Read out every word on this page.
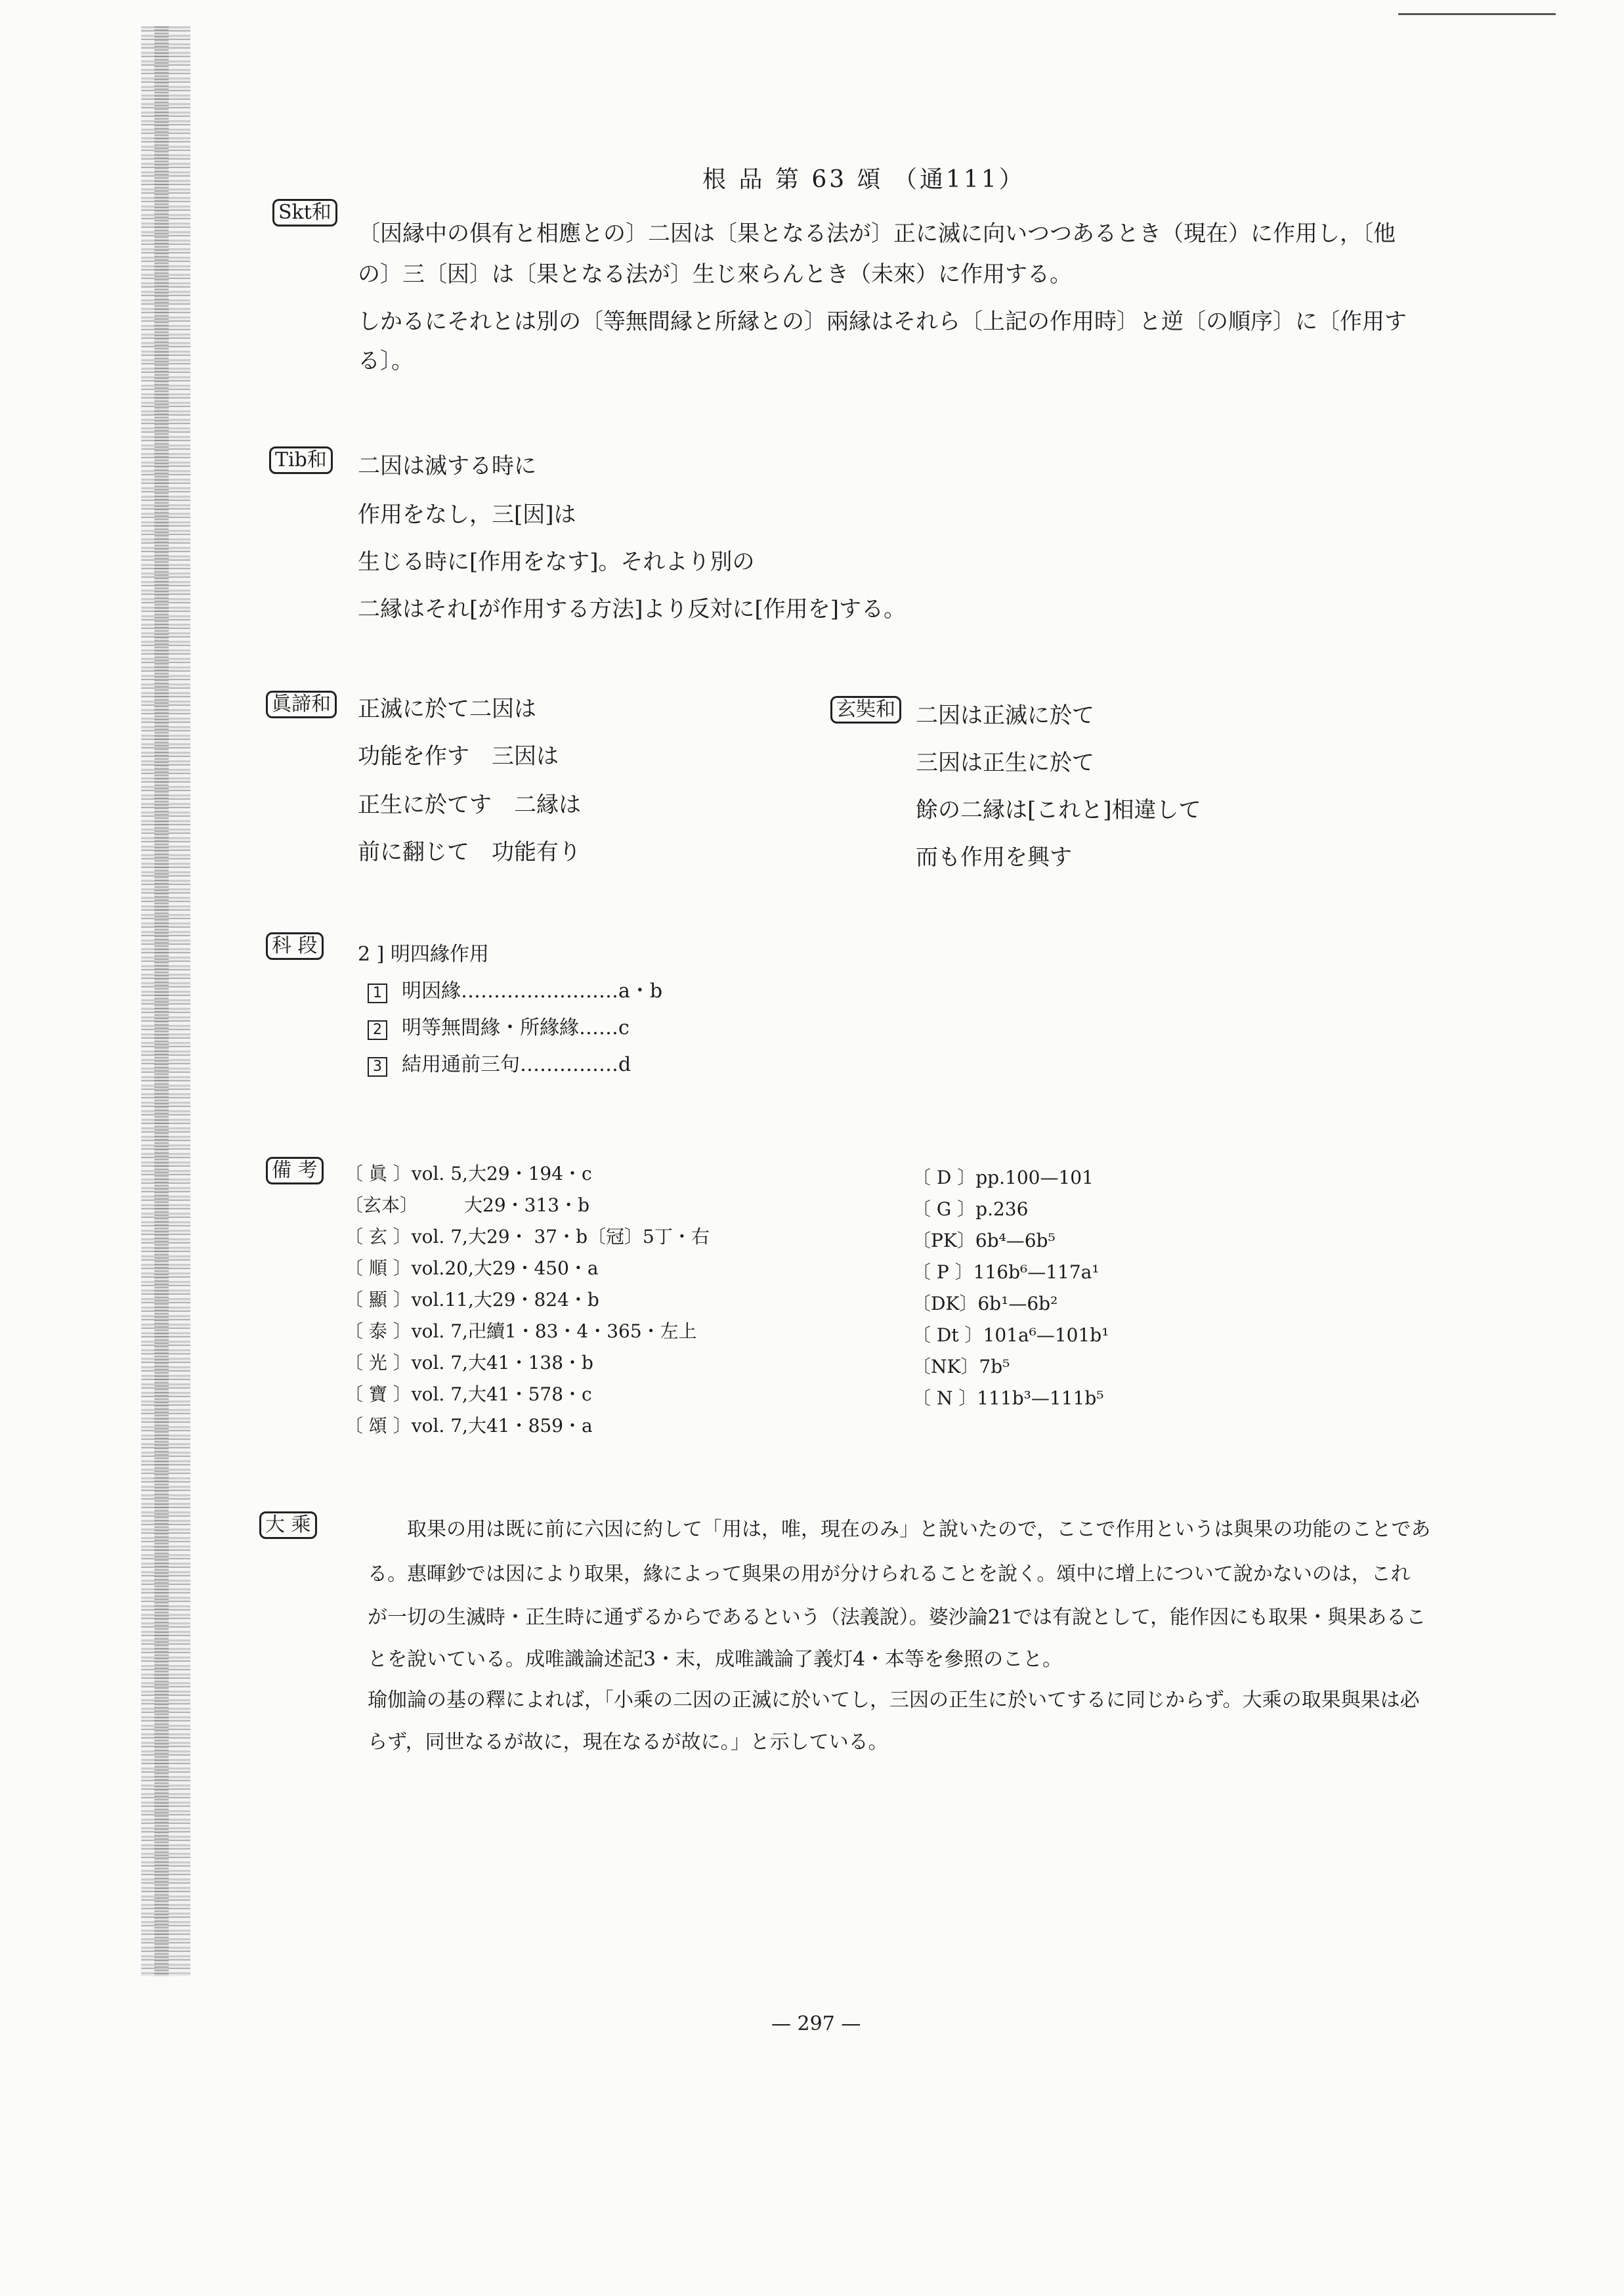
根 品 第 63 頌 （通111）
Skt和
〔因縁中の俱有と相應との〕二因は〔果となる法が〕正に滅に向いつつあるとき（現在）に作用し，〔他
の〕三〔因〕は〔果となる法が〕生じ來らんとき（未來）に作用する。
しかるにそれとは別の〔等無間縁と所縁との〕兩縁はそれら〔上記の作用時〕と逆〔の順序〕に〔作用す
る〕。
Tib和 二因は滅する時に
作用をなし，三[因]は
生じる時に[作用をなす]。それより別の
二縁はそれ[が作用する方法]より反対に[作用を]する。
眞諦和 正滅に於て二因は
功能を作す　三因は
正生に於てす　二縁は
前に翻じて　功能有り
玄奘和 二因は正滅に於て
三因は正生に於て
餘の二縁は[これと]相違して
而も作用を興す
科 段	2 ] 明四緣作用
1 明因緣……………………a・b
2 明等無間緣・所緣緣……c
3 結用通前三句……………d
備 考	〔 眞 〕vol. 5,大29・194・c
〔玄本〕　　　大29・313・b
〔 玄 〕vol. 7,大29・ 37・b〔冠〕5丁・右
〔 順 〕vol.20,大29・450・a
〔 顯 〕vol.11,大29・824・b
〔 泰 〕vol. 7,卍續1・83・4・365・左上
〔 光 〕vol. 7,大41・138・b
〔 寶 〕vol. 7,大41・578・c
〔 頌 〕vol. 7,大41・859・a
〔 D 〕pp.100—101
〔 G 〕p.236
〔PK〕6b⁴—6b⁵
〔 P 〕116b⁶—117a¹
〔DK〕6b¹—6b²
〔 Dt 〕101a⁶—101b¹
〔NK〕7b⁵
〔 N 〕111b³—111b⁵
大 乘	取果の用は既に前に六因に約して「用は，唯，現在のみ」と說いたので，ここで作用というは與果の功能のことであ
る。惠暉鈔では因により取果，緣によって與果の用が分けられることを說く。頌中に增上について說かないのは，これ
が一切の生滅時・正生時に通ずるからであるという（法義說）。婆沙論21では有說として，能作因にも取果・與果あるこ
とを說いている。成唯識論述記3・末，成唯識論了義灯4・本等を參照のこと。
瑜伽論の基の釋によれば，「小乘の二因の正滅に於いてし，三因の正生に於いてするに同じからず。大乘の取果與果は必
らず，同世なるが故に，現在なるが故に。」と示している。
— 297 —
